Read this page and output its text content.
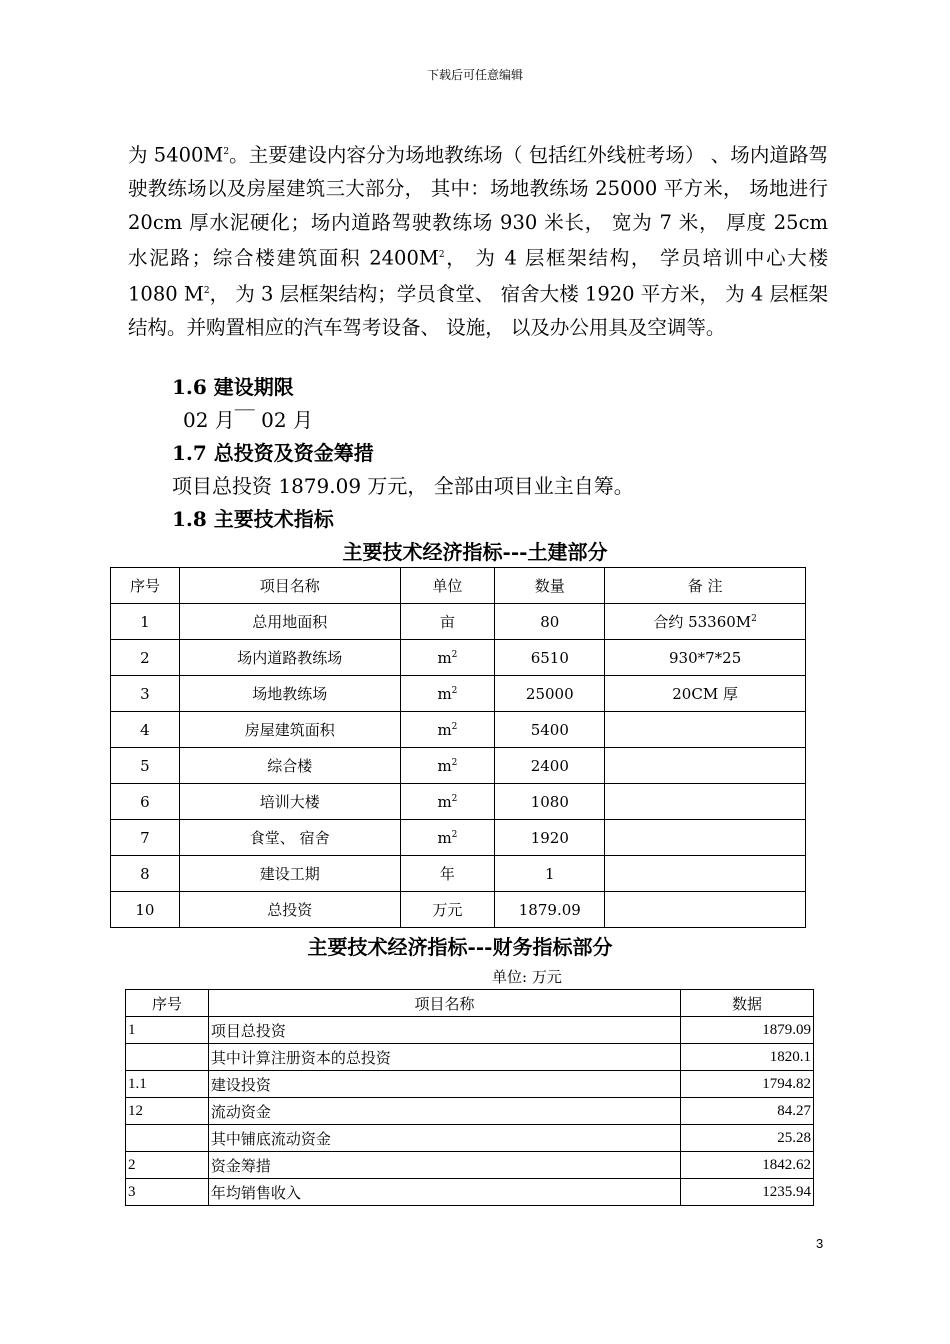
下载后可任意编辑

为 $5400M^2$。主要建设内容分为场地教练场（ 包括红外线桩考场） 、场内道路驾驶教练场以及房屋建筑三大部分， 其中：场地教练场 25000 平方米， 场地进行 20cm 厚水泥硬化；场内道路驾驶教练场 930 米长， 宽为 7 米， 厚度 25cm 水泥路；综合楼建筑面积 $2400M^2$， 为 4 层框架结构， 学员培训中心大楼 1080 $M^2$， 为 3 层框架结构；学员食堂、 宿舍大楼 1920 平方米， 为 4 层框架结构。并购置相应的汽车驾考设备、 设施， 以及办公用具及空调等。

1.6 建设期限
02 月￣ 02 月
1.7 总投资及资金筹措
项目总投资 1879.09 万元， 全部由项目业主自筹。
1.8 主要技术指标
主要技术经济指标---土建部分
序号	项目名称	单位	数量	备 注
1	总用地面积	亩	80	合约 $53360M^2$
2	场内道路教练场	$m^2$	6510	930*7*25
3	场地教练场	$m^2$	25000	20CM 厚
4	房屋建筑面积	$m^2$	5400	
5	综合楼	$m^2$	2400	
6	培训大楼	$m^2$	1080	
7	食堂、 宿舍	$m^2$	1920	
8	建设工期	年	1	
10	总投资	万元	1879.09	
主要技术经济指标---财务指标部分
单位: 万元
序号	项目名称	数据
1	项目总投资	1879.09
	其中计算注册资本的总投资	1820.1
1.1	建设投资	1794.82
12	流动资金	84.27
	其中铺底流动资金	25.28
2	资金筹措	1842.62
3	年均销售收入	1235.94
3
